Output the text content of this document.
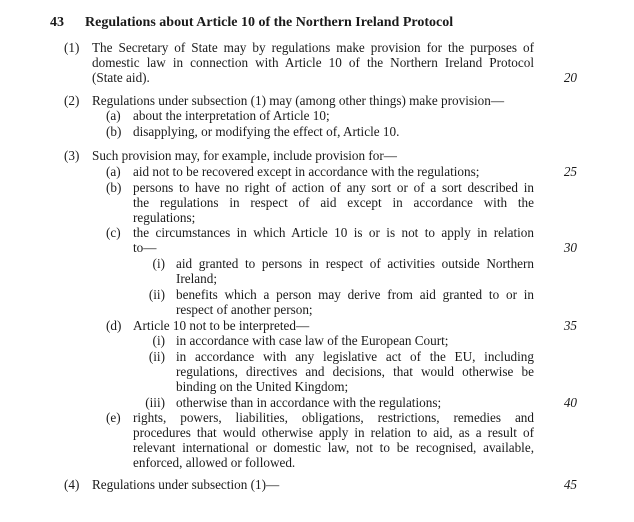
43 Regulations about Article 10 of the Northern Ireland Protocol
(1) The Secretary of State may by regulations make provision for the purposes of
domestic law in connection with Article 10 of the Northern Ireland Protocol
(State aid).
(2) Regulations under subsection (1) may (among other things) make provision—
(a) about the interpretation of Article 10;
(b) disapplying, or modifying the effect of, Article 10.
(3) Such provision may, for example, include provision for—
(a) aid not to be recovered except in accordance with the regulations;
(b) persons to have no right of action of any sort or of a sort described in
the regulations in respect of aid except in accordance with the
regulations;
(c) the circumstances in which Article 10 is or is not to apply in relation
to—
(i) aid granted to persons in respect of activities outside Northern
Ireland;
(ii) benefits which a person may derive from aid granted to or in
respect of another person;
(d) Article 10 not to be interpreted—
(i) in accordance with case law of the European Court;
(ii) in accordance with any legislative act of the EU, including
regulations, directives and decisions, that would otherwise be
binding on the United Kingdom;
(iii) otherwise than in accordance with the regulations;
(e) rights, powers, liabilities, obligations, restrictions, remedies and
procedures that would otherwise apply in relation to aid, as a result of
relevant international or domestic law, not to be recognised, available,
enforced, allowed or followed.
(4) Regulations under subsection (1)—
20
25
30
35
40
45
